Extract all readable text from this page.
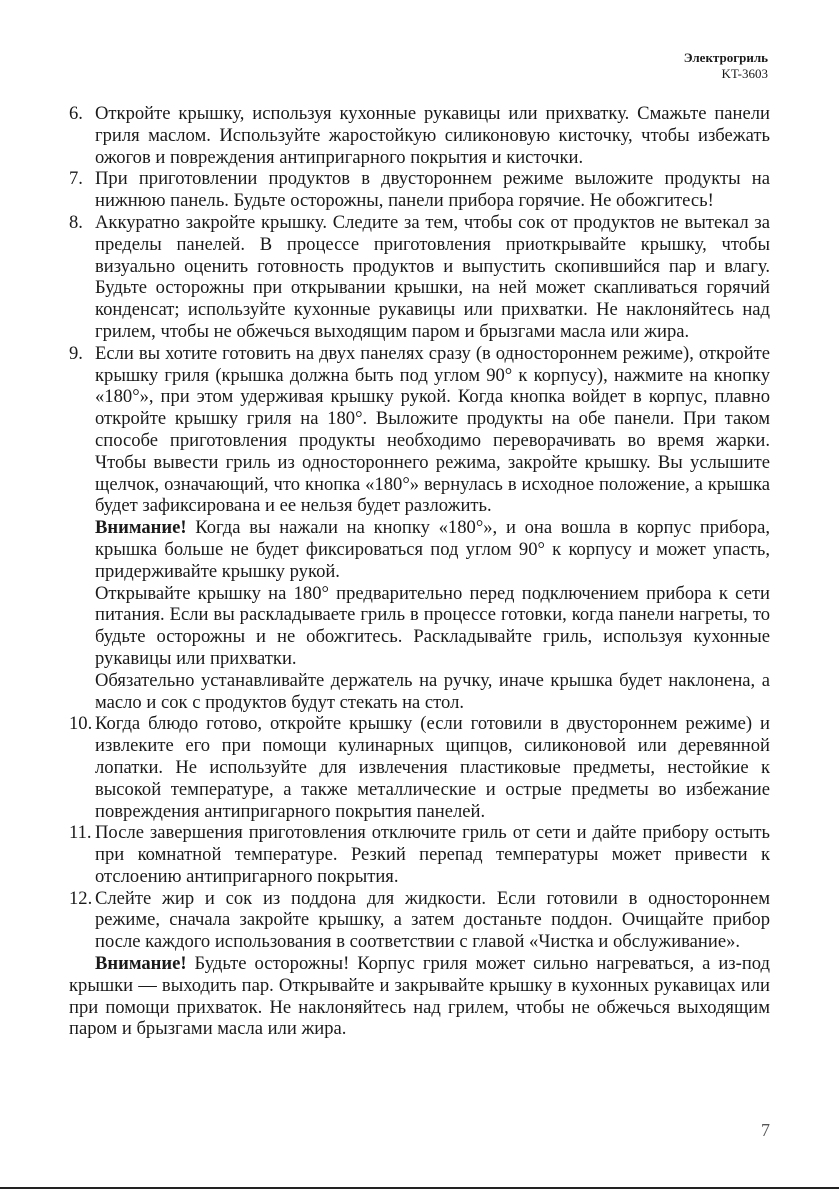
Электрогриль
KT-3603
6. Откройте крышку, используя кухонные рукавицы или прихватку. Смажьте панели гриля маслом. Используйте жаростойкую силиконовую кисточку, чтобы избежать ожогов и повреждения антипригарного покрытия и кисточки.

7. При приготовлении продуктов в двустороннем режиме выложите продукты на нижнюю панель. Будьте осторожны, панели прибора горячие. Не обожгитесь!

8. Аккуратно закройте крышку. Следите за тем, чтобы сок от продуктов не вытекал за пределы панелей. В процессе приготовления приоткрывайте крышку, чтобы визуально оценить готовность продуктов и выпустить скопившийся пар и влагу. Будьте осторожны при открывании крышки, на ней может скапливаться горячий конденсат; используйте кухонные рукавицы или прихватки. Не наклоняйтесь над грилем, чтобы не обжечься выходящим паром и брызгами масла или жира.

9. Если вы хотите готовить на двух панелях сразу (в одностороннем режиме), откройте крышку гриля (крышка должна быть под углом 90° к корпусу), нажмите на кнопку «180°», при этом удерживая крышку рукой. Когда кнопка войдет в корпус, плавно откройте крышку гриля на 180°. Выложите продукты на обе панели. При таком способе приготовления продукты необходимо переворачивать во время жарки. Чтобы вывести гриль из одностороннего режима, закройте крышку. Вы услышите щелчок, означающий, что кнопка «180°» вернулась в исходное положение, а крышка будет зафиксирована и ее нельзя будет разложить.

Внимание! Когда вы нажали на кнопку «180°», и она вошла в корпус прибора, крышка больше не будет фиксироваться под углом 90° к корпусу и может упасть, придерживайте крышку рукой.

Открывайте крышку на 180° предварительно перед подключением прибора к сети питания. Если вы раскладываете гриль в процессе готовки, когда панели нагреты, то будьте осторожны и не обожгитесь. Раскладывайте гриль, используя кухонные рукавицы или прихватки.

Обязательно устанавливайте держатель на ручку, иначе крышка будет наклонена, а масло и сок с продуктов будут стекать на стол.

10. Когда блюдо готово, откройте крышку (если готовили в двустороннем режиме) и извлеките его при помощи кулинарных щипцов, силиконовой или деревянной лопатки. Не используйте для извлечения пластиковые предметы, нестойкие к высокой температуре, а также металлические и острые предметы во избежание повреждения антипригарного покрытия панелей.

11. После завершения приготовления отключите гриль от сети и дайте прибору остыть при комнатной температуре. Резкий перепад температуры может привести к отслоению антипригарного покрытия.

12. Слейте жир и сок из поддона для жидкости. Если готовили в одностороннем режиме, сначала закройте крышку, а затем достаньте поддон. Очищайте прибор после каждого использования в соответствии с главой «Чистка и обслуживание».

Внимание! Будьте осторожны! Корпус гриля может сильно нагреваться, а из-под крышки — выходить пар. Открывайте и закрывайте крышку в кухонных рукавицах или при помощи прихваток. Не наклоняйтесь над грилем, чтобы не обжечься выходящим паром и брызгами масла или жира.

7
